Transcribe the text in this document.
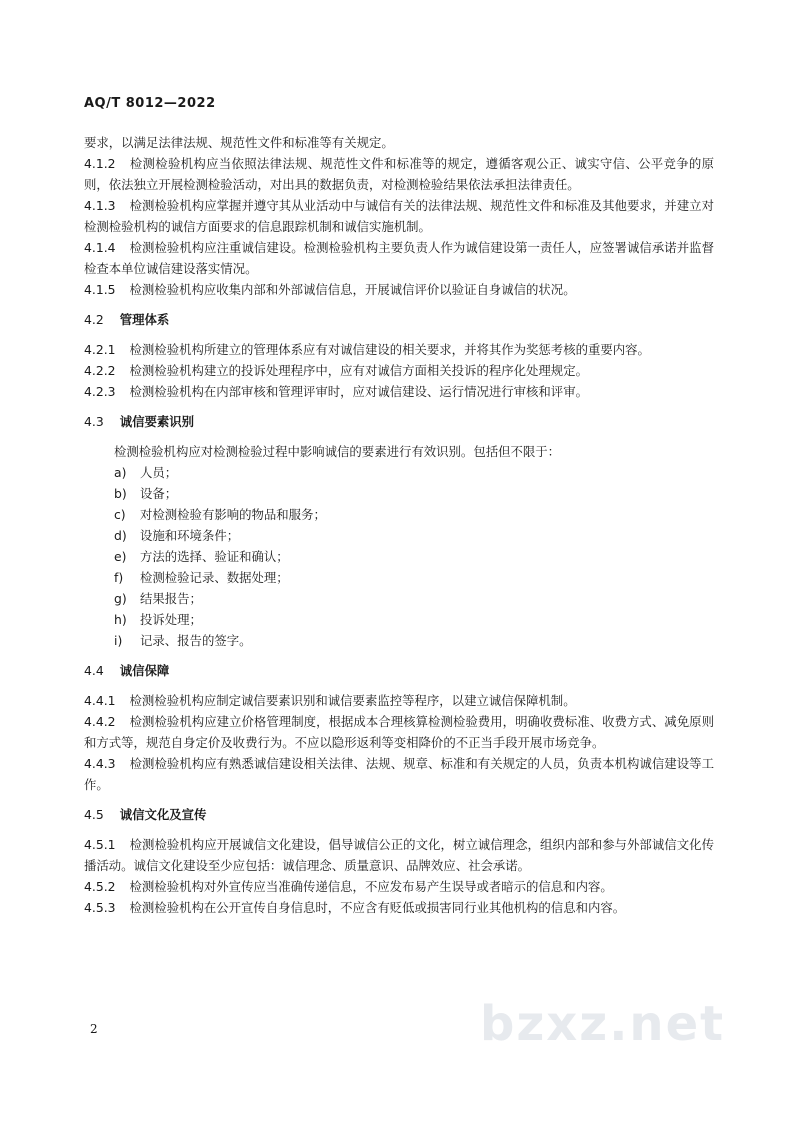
AQ/T 8012—2022

要求，以满足法律法规、规范性文件和标准等有关规定。

4.1.2 检测检验机构应当依照法律法规、规范性文件和标准等的规定，遵循客观公正、诚实守信、公平竞争的原则，依法独立开展检测检验活动，对出具的数据负责，对检测检验结果依法承担法律责任。

4.1.3 检测检验机构应掌握并遵守其从业活动中与诚信有关的法律法规、规范性文件和标准及其他要求，并建立对检测检验机构的诚信方面要求的信息跟踪机制和诚信实施机制。

4.1.4 检测检验机构应注重诚信建设。检测检验机构主要负责人作为诚信建设第一责任人，应签署诚信承诺并监督检查本单位诚信建设落实情况。

4.1.5 检测检验机构应收集内部和外部诚信信息，开展诚信评价以验证自身诚信的状况。

4.2 管理体系

4.2.1 检测检验机构所建立的管理体系应有对诚信建设的相关要求，并将其作为奖惩考核的重要内容。

4.2.2 检测检验机构建立的投诉处理程序中，应有对诚信方面相关投诉的程序化处理规定。

4.2.3 检测检验机构在内部审核和管理评审时，应对诚信建设、运行情况进行审核和评审。

4.3 诚信要素识别

检测检验机构应对检测检验过程中影响诚信的要素进行有效识别。包括但不限于：

a) 人员；

b) 设备；

c) 对检测检验有影响的物品和服务；

d) 设施和环境条件；

e) 方法的选择、验证和确认；

f) 检测检验记录、数据处理；

g) 结果报告；

h) 投诉处理；

i) 记录、报告的签字。

4.4 诚信保障

4.4.1 检测检验机构应制定诚信要素识别和诚信要素监控等程序，以建立诚信保障机制。

4.4.2 检测检验机构应建立价格管理制度，根据成本合理核算检测检验费用，明确收费标准、收费方式、减免原则和方式等，规范自身定价及收费行为。不应以隐形返利等变相降价的不正当手段开展市场竞争。

4.4.3 检测检验机构应有熟悉诚信建设相关法律、法规、规章、标准和有关规定的人员，负责本机构诚信建设等工作。

4.5 诚信文化及宣传

4.5.1 检测检验机构应开展诚信文化建设，倡导诚信公正的文化，树立诚信理念，组织内部和参与外部诚信文化传播活动。诚信文化建设至少应包括：诚信理念、质量意识、品牌效应、社会承诺。

4.5.2 检测检验机构对外宣传应当准确传递信息，不应发布易产生误导或者暗示的信息和内容。

4.5.3 检测检验机构在公开宣传自身信息时，不应含有贬低或损害同行业其他机构的信息和内容。

2	bzxz.net
